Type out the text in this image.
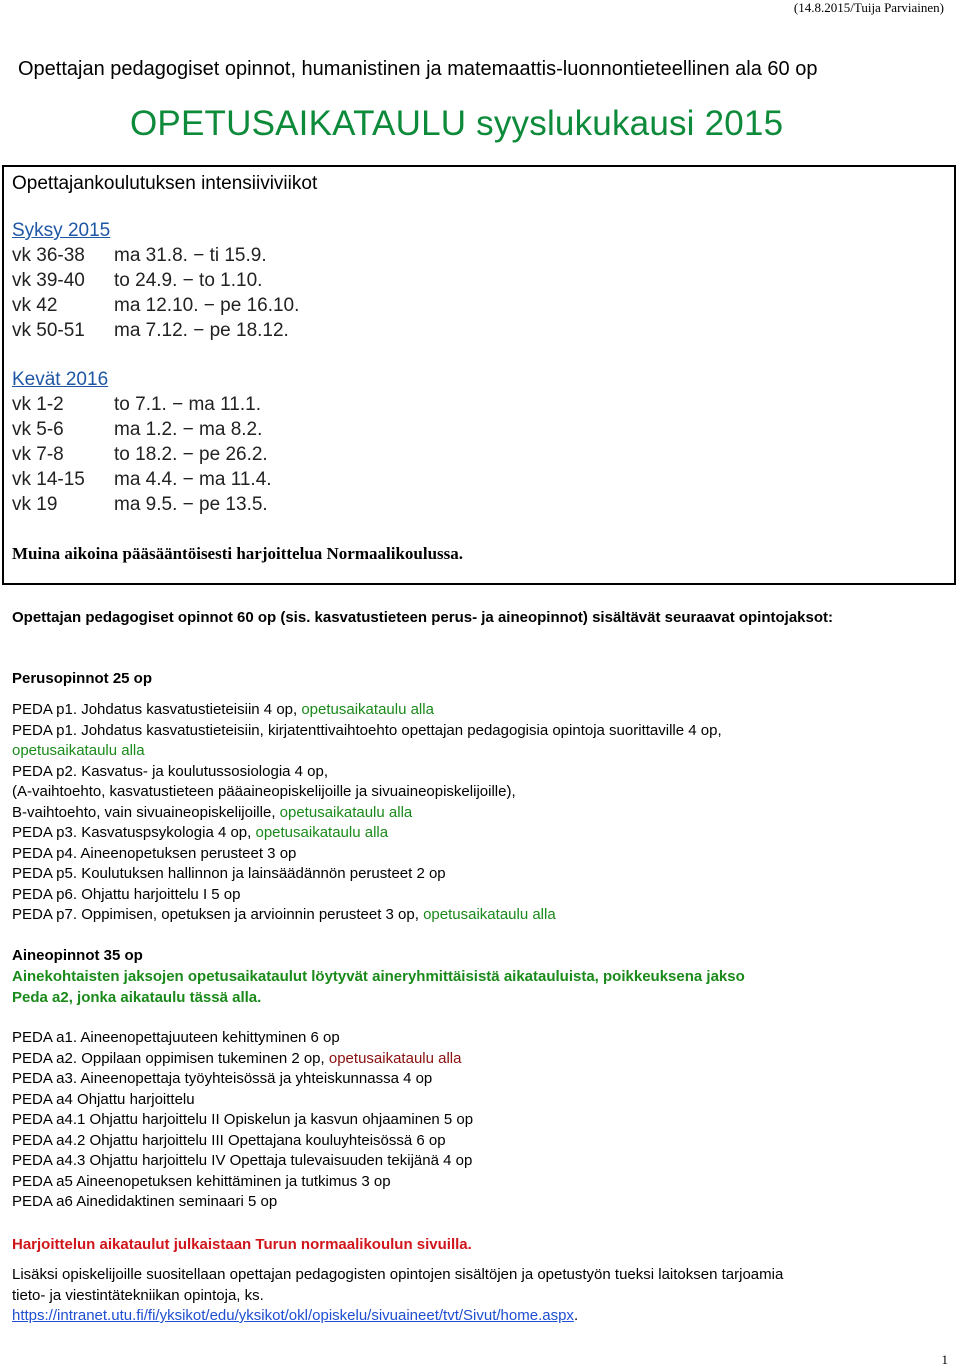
(14.8.2015/Tuija Parviainen)
Opettajan pedagogiset opinnot, humanistinen ja matemaattis-luonnontieteellinen ala 60 op
OPETUSAIKATAULU syyslukukausi 2015
Opettajankoulutuksen intensiiviviikot
Syksy 2015
vk 36-38 ma 31.8. − ti 15.9.
vk 39-40 to 24.9. − to 1.10.
vk 42	ma 12.10. − pe 16.10.
vk 50-51 ma 7.12. − pe 18.12.
Kevät 2016
vk 1-2	to 7.1. − ma 11.1.
vk 5-6	ma 1.2. − ma 8.2.
vk 7-8	to 18.2. − pe 26.2.
vk 14-15 ma 4.4. − ma 11.4.
vk 19	ma 9.5. − pe 13.5.
Muina aikoina pääsääntöisesti harjoittelua Normaalikoulussa.
Opettajan pedagogiset opinnot 60 op (sis. kasvatustieteen perus- ja aineopinnot) sisältävät seuraavat opintojaksot:
Perusopinnot 25 op
PEDA p1. Johdatus kasvatustieteisiin 4 op, opetusaikataulu alla
PEDA p1. Johdatus kasvatustieteisiin, kirjatenttivaihtoehto opettajan pedagogisia opintoja suorittaville 4 op,
opetusaikataulu alla
PEDA p2. Kasvatus- ja koulutussosiologia 4 op,
(A-vaihtoehto, kasvatustieteen pääaineopiskelijoille ja sivuaineopiskelijoille),
B-vaihtoehto, vain sivuaineopiskelijoille, opetusaikataulu alla
PEDA p3. Kasvatuspsykologia 4 op, opetusaikataulu alla
PEDA p4. Aineenopetuksen perusteet 3 op
PEDA p5. Koulutuksen hallinnon ja lainsäädännön perusteet 2 op
PEDA p6. Ohjattu harjoittelu I 5 op
PEDA p7. Oppimisen, opetuksen ja arvioinnin perusteet 3 op, opetusaikataulu alla
Aineopinnot 35 op
Ainekohtaisten jaksojen opetusaikataulut löytyvät aineryhmittäisistä aikatauluista, poikkeuksena jakso
Peda a2, jonka aikataulu tässä alla.
PEDA a1. Aineenopettajuuteen kehittyminen 6 op
PEDA a2. Oppilaan oppimisen tukeminen 2 op, opetusaikataulu alla
PEDA a3. Aineenopettaja työyhteisössä ja yhteiskunnassa 4 op
PEDA a4 Ohjattu harjoittelu
PEDA a4.1 Ohjattu harjoittelu II Opiskelun ja kasvun ohjaaminen 5 op
PEDA a4.2 Ohjattu harjoittelu III Opettajana kouluyhteisössä 6 op
PEDA a4.3 Ohjattu harjoittelu IV Opettaja tulevaisuuden tekijänä 4 op
PEDA a5 Aineenopetuksen kehittäminen ja tutkimus 3 op
PEDA a6 Ainedidaktinen seminaari 5 op
Harjoittelun aikataulut julkaistaan Turun normaalikoulun sivuilla.
Lisäksi opiskelijoille suositellaan opettajan pedagogisten opintojen sisältöjen ja opetustyön tueksi laitoksen tarjoamia
tieto- ja viestintätekniikan opintoja, ks.
https://intranet.utu.fi/fi/yksikot/edu/yksikot/okl/opiskelu/sivuaineet/tvt/Sivut/home.aspx.
1
